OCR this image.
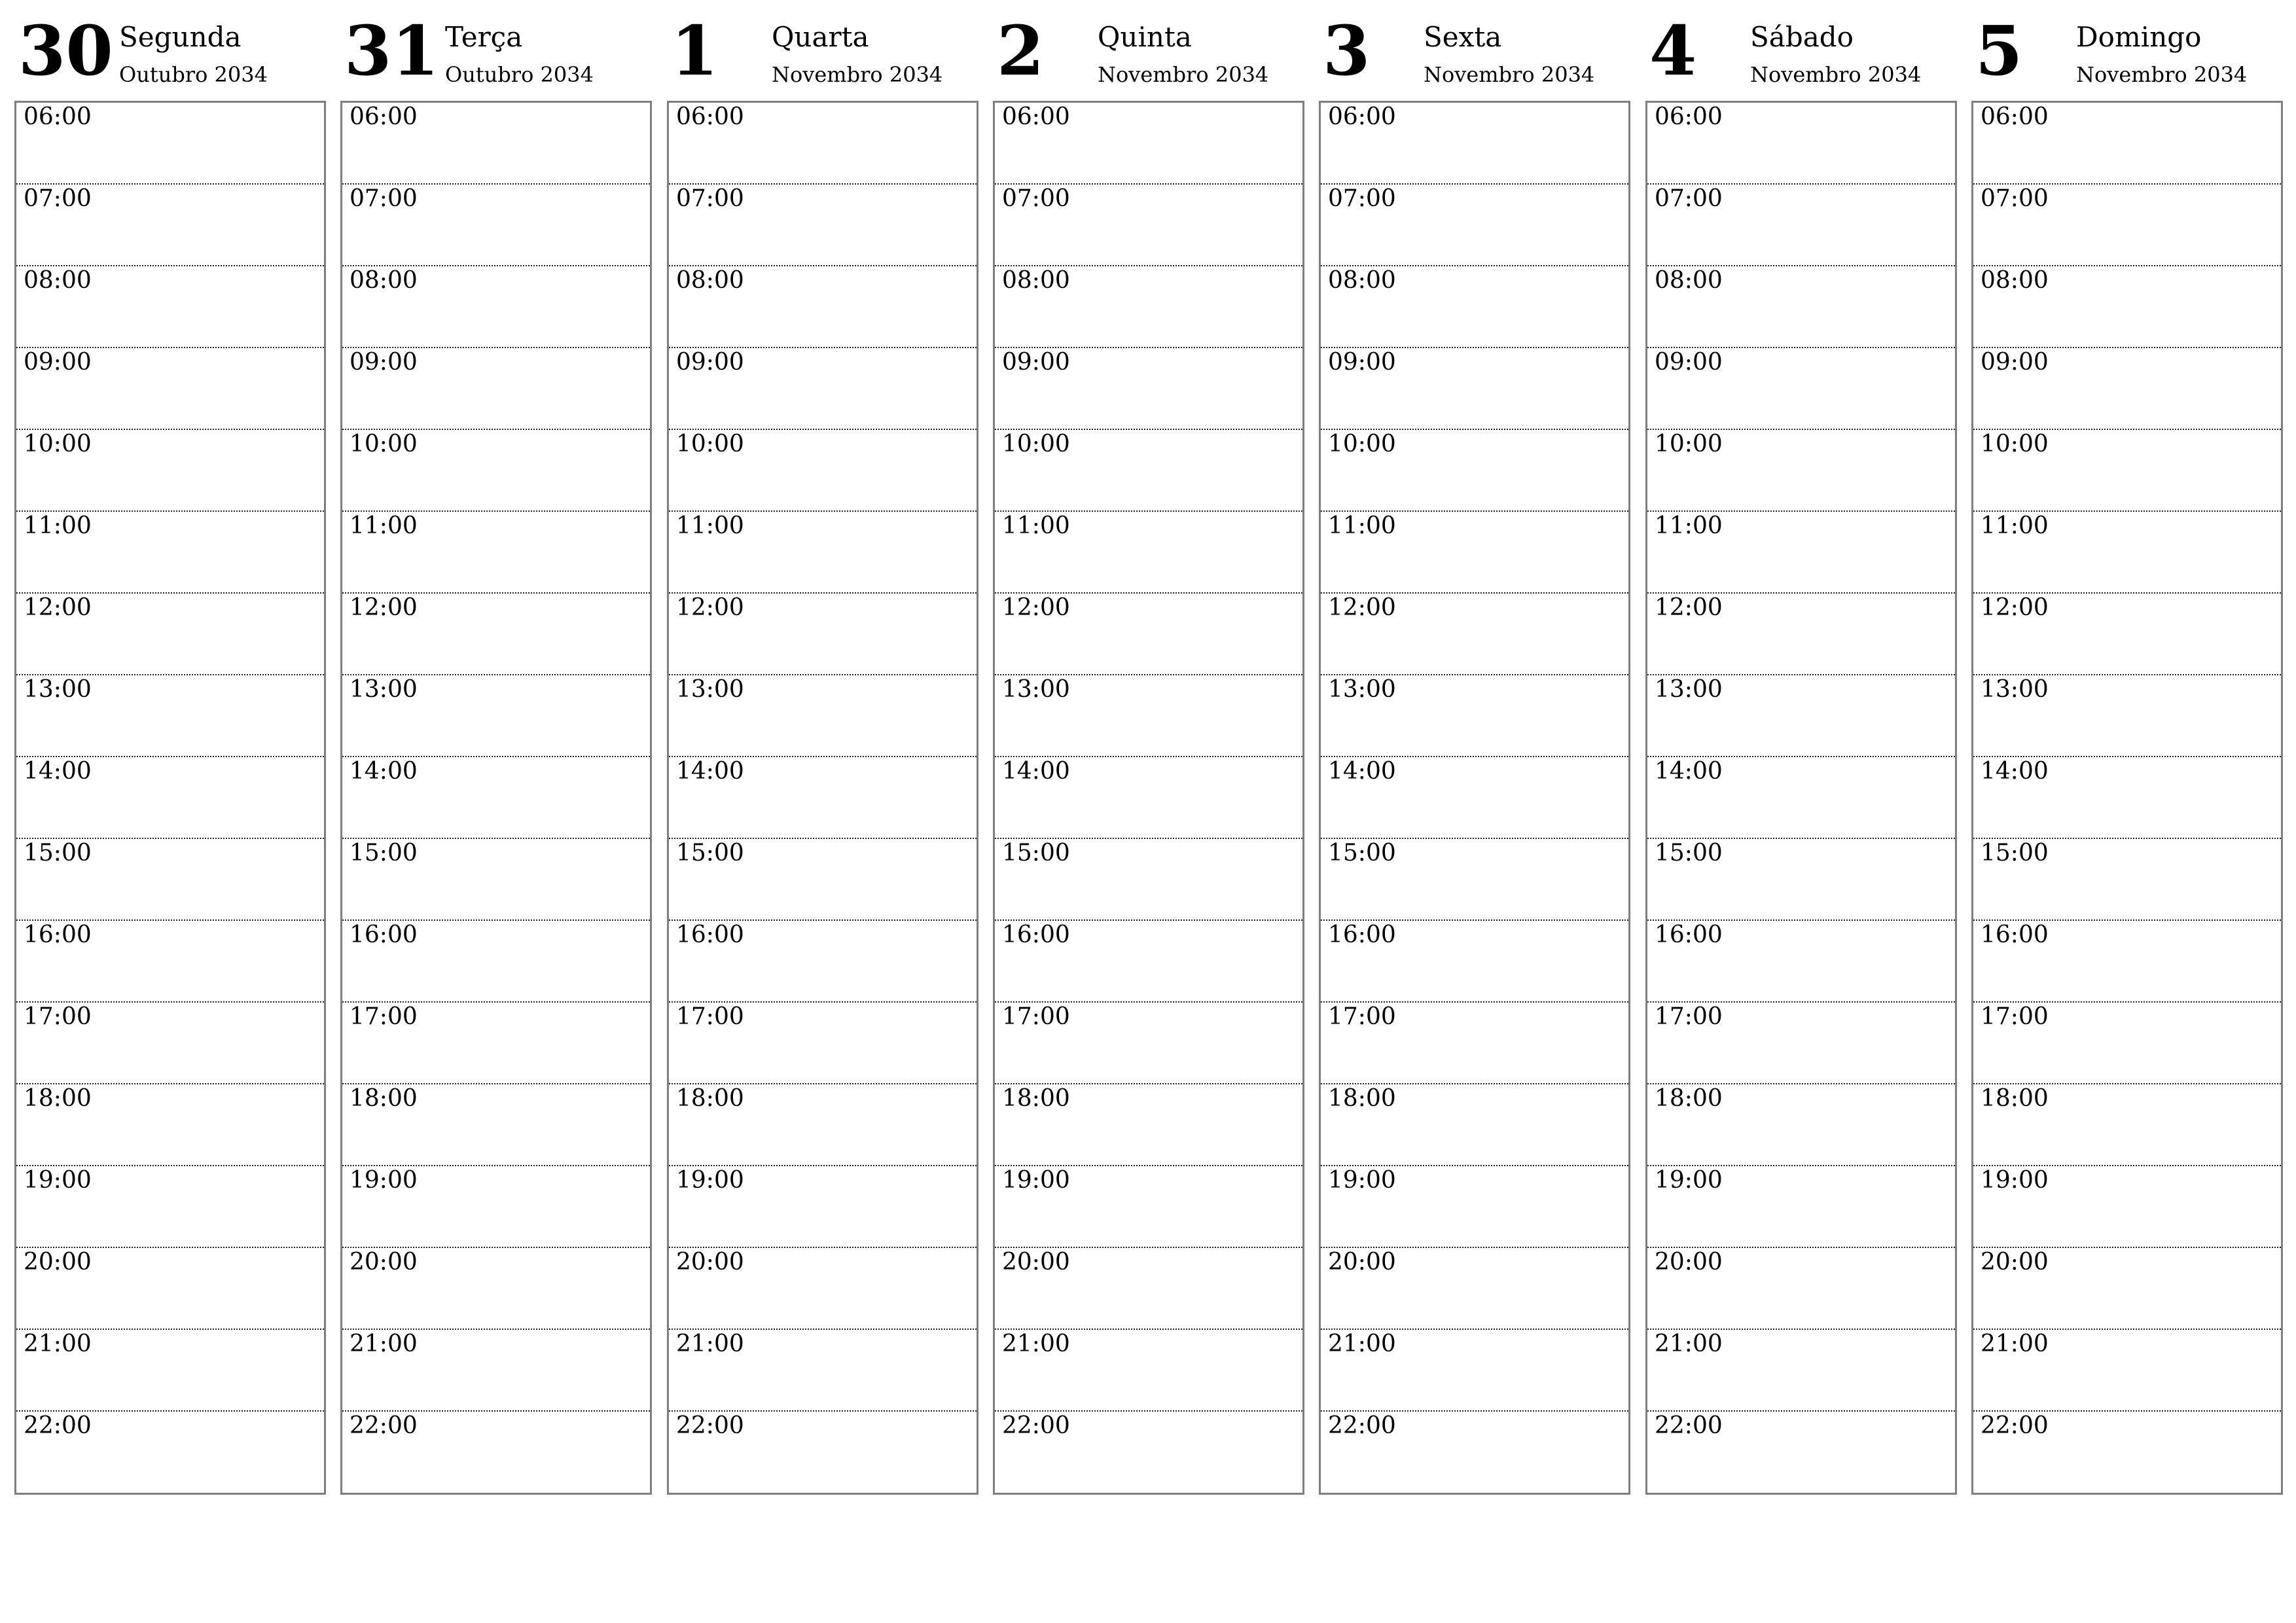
30 Segunda
Outubro 2034
06:00
07:00
08:00
09:00
10:00
11:00
12:00
13:00
14:00
15:00
16:00
17:00
18:00
19:00
20:00
21:00
22:00
31 Terça
Outubro 2034
06:00
07:00
08:00
09:00
10:00
11:00
12:00
13:00
14:00
15:00
16:00
17:00
18:00
19:00
20:00
21:00
22:00
1 Quarta
Novembro 2034
06:00
07:00
08:00
09:00
10:00
11:00
12:00
13:00
14:00
15:00
16:00
17:00
18:00
19:00
20:00
21:00
22:00
2 Quinta
Novembro 2034
06:00
07:00
08:00
09:00
10:00
11:00
12:00
13:00
14:00
15:00
16:00
17:00
18:00
19:00
20:00
21:00
22:00
3 Sexta
Novembro 2034
06:00
07:00
08:00
09:00
10:00
11:00
12:00
13:00
14:00
15:00
16:00
17:00
18:00
19:00
20:00
21:00
22:00
4 Sábado
Novembro 2034
06:00
07:00
08:00
09:00
10:00
11:00
12:00
13:00
14:00
15:00
16:00
17:00
18:00
19:00
20:00
21:00
22:00
5 Domingo
Novembro 2034
06:00
07:00
08:00
09:00
10:00
11:00
12:00
13:00
14:00
15:00
16:00
17:00
18:00
19:00
20:00
21:00
22:00
